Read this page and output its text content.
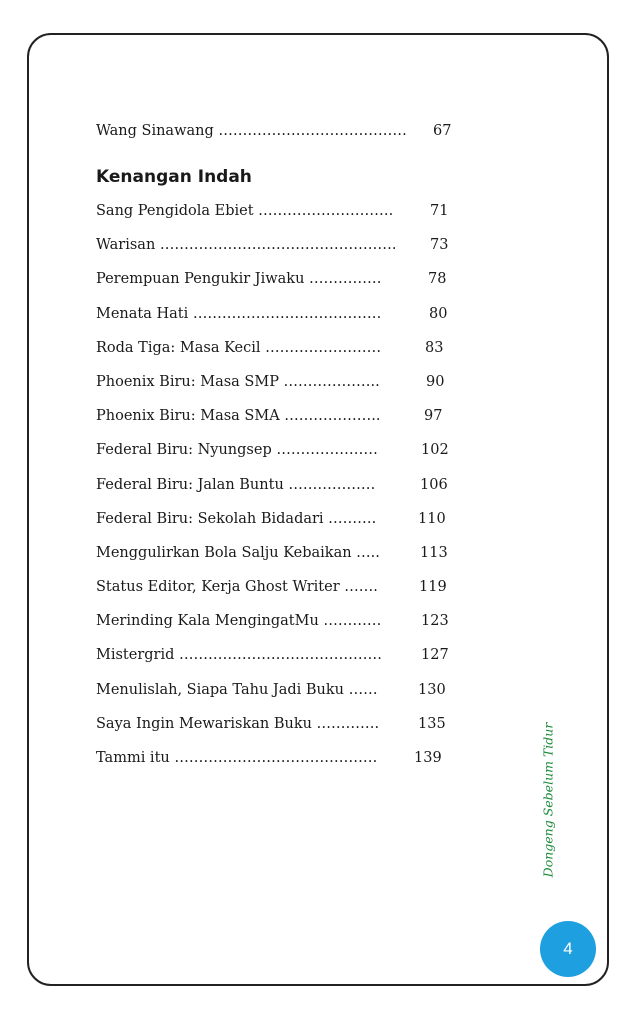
Wang Sinawang ………………………………… 67
Kenangan Indah
Sang Pengidola Ebiet ……………………….	71
Warisan …………………………………………. 73
Perempuan Pengukir Jiwaku ……………	78
Menata Hati …………………………………	80
Roda Tiga: Masa Kecil ……………………	83
Phoenix Biru: Masa SMP ………………..	90
Phoenix Biru: Masa SMA ………………..	97
Federal Biru: Nyungsep …………………	102
Federal Biru: Jalan Buntu ………………	106
Federal Biru: Sekolah Bidadari ……….	110
Menggulirkan Bola Salju Kebaikan …..	113
Status Editor, Kerja Ghost Writer …….	119
Merinding Kala MengingatMu …………	123
Mistergrid ……………………………………	127
Menulislah, Siapa Tahu Jadi Buku ……	130
Saya Ingin Mewariskan Buku ………….	135
Tammi itu ……………………………………	139	Dongeng Sebelum Tidur
4
